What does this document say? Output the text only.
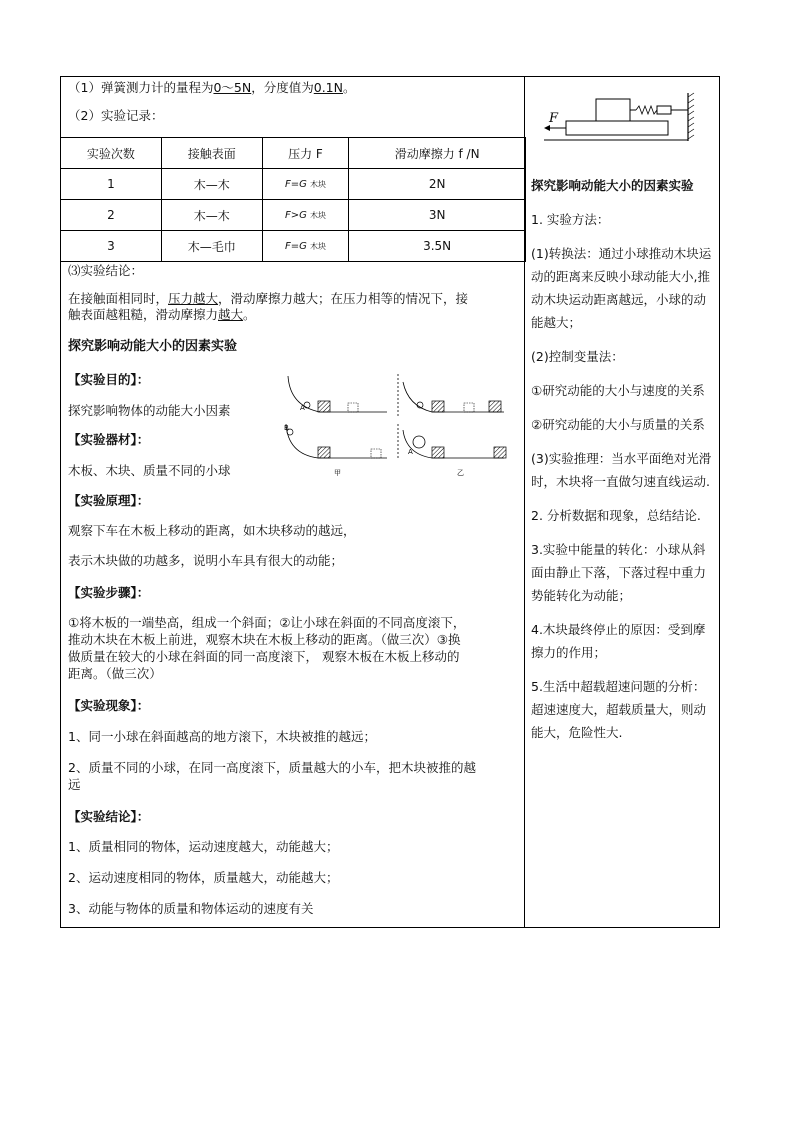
（1）弹簧测力计的量程为0～5N，分度值为0.1N。
（2）实验记录：
实验次数	接触表面	压力 F	滑动摩擦力 f /N
1	木—木	F=G 木块	2N
2	木—木	F>G 木块	3N
3	木—毛巾	F=G 木块	3.5N
⑶实验结论：
在接触面相同时，压力越大，滑动摩擦力越大；在压力相等的情况下，接
触表面越粗糙，滑动摩擦力越大。
探究影响动能大小的因素实验
【实验目的】：
探究影响物体的动能大小因素
【实验器材】：
木板、木块、质量不同的小球
【实验原理】：
观察下车在木板上移动的距离，如木块移动的越远，
表示木块做的功越多，说明小车具有很大的动能；
【实验步骤】：
①将木板的一端垫高，组成一个斜面；②让小球在斜面的不同高度滚下，
推动木块在木板上前进，观察木块在木板上移动的距离。（做三次）③换
做质量在较大的小球在斜面的同一高度滚下， 观察木板在木板上移动的
距离。（做三次）
【实验现象】：
1、同一小球在斜面越高的地方滚下，木块被推的越远；
2、质量不同的小球，在同一高度滚下，质量越大的小车，把木块被推的越
远
【实验结论】：
1、质量相同的物体，运动速度越大，动能越大；
2、运动速度相同的物体，质量越大，动能越大；
3、动能与物体的质量和物体运动的速度有关
A
B
A
甲	乙
F

探究影响动能大小的因素实验

1. 实验方法：

(1)转换法：通过小球推动木块运动的距离来反映小球动能大小,推动木块运动距离越远，小球的动能越大；

(2)控制变量法：

①研究动能的大小与速度的关系

②研究动能的大小与质量的关系

(3)实验推理：当水平面绝对光滑时，木块将一直做匀速直线运动.

2. 分析数据和现象，总结结论.

3.实验中能量的转化：小球从斜面由静止下落，下落过程中重力势能转化为动能；

4.木块最终停止的原因：受到摩擦力的作用；

5.生活中超载超速问题的分析：超速速度大，超载质量大，则动能大，危险性大.
